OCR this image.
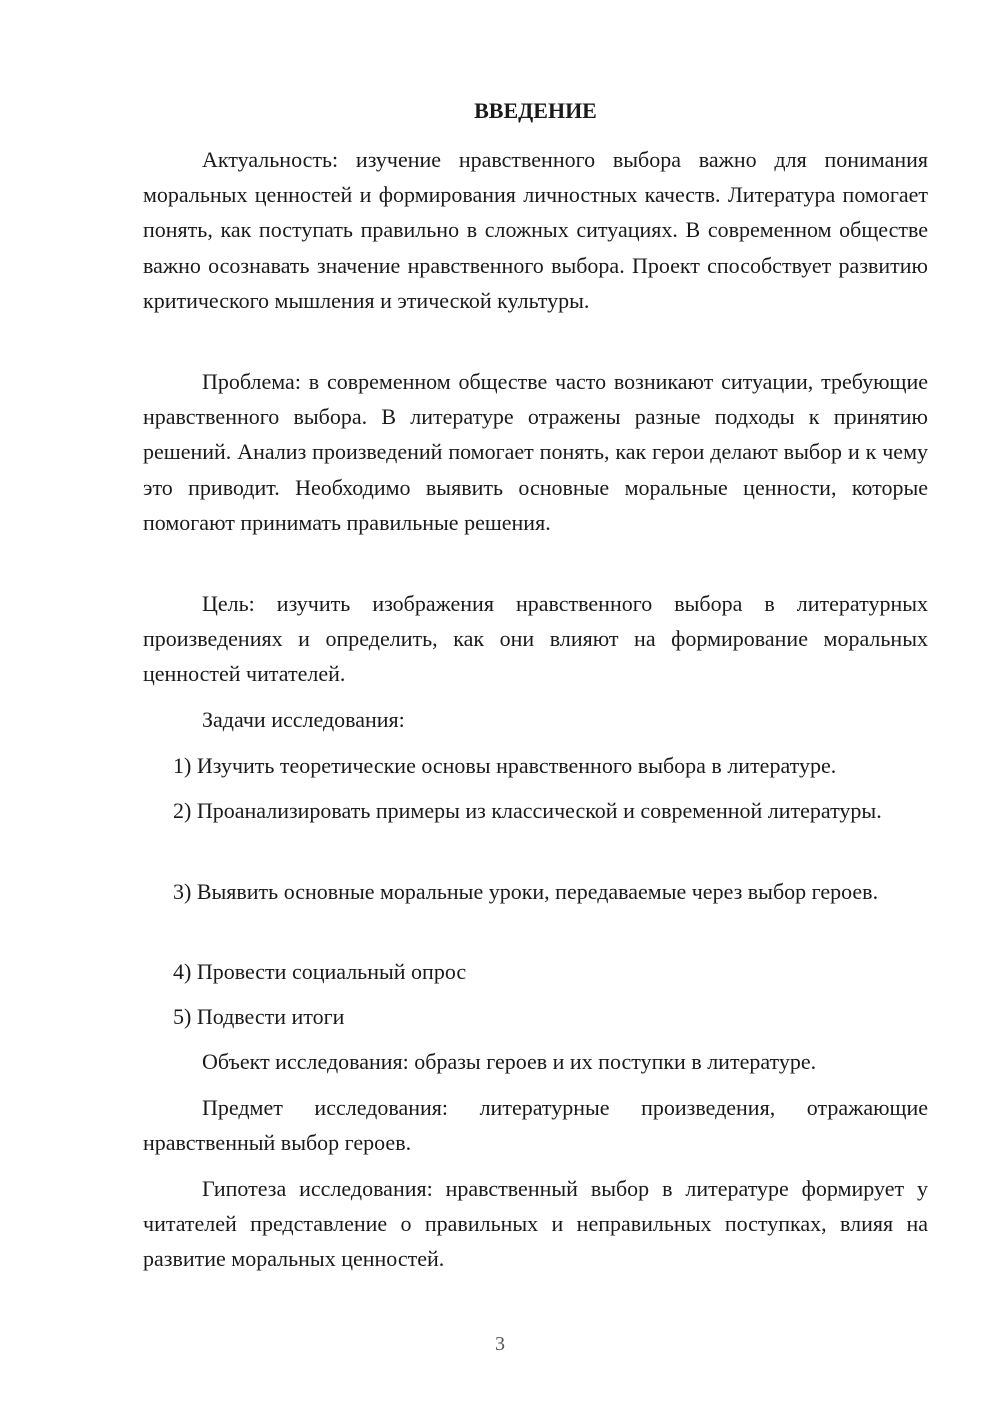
ВВЕДЕНИЕ

Актуальность: изучение нравственного выбора важно для понимания моральных ценностей и формирования личностных качеств. Литература помогает понять, как поступать правильно в сложных ситуациях. В современном обществе важно осознавать значение нравственного выбора. Проект способствует развитию критического мышления и этической культуры.

Проблема: в современном обществе часто возникают ситуации, требующие нравственного выбора. В литературе отражены разные подходы к принятию решений. Анализ произведений помогает понять, как герои делают выбор и к чему это приводит. Необходимо выявить основные моральные ценности, которые помогают принимать правильные решения.

Цель: изучить изображения нравственного выбора в литературных произведениях и определить, как они влияют на формирование моральных ценностей читателей.

Задачи исследования:

1) Изучить теоретические основы нравственного выбора в литературе.

2) Проанализировать примеры из классической и современной литературы.

3) Выявить основные моральные уроки, передаваемые через выбор героев.

4) Провести социальный опрос

5) Подвести итоги

Объект исследования: образы героев и их поступки в литературе.

Предмет исследования: литературные произведения, отражающие нравственный выбор героев.

Гипотеза исследования: нравственный выбор в литературе формирует у читателей представление о правильных и неправильных поступках, влияя на развитие моральных ценностей.

3
